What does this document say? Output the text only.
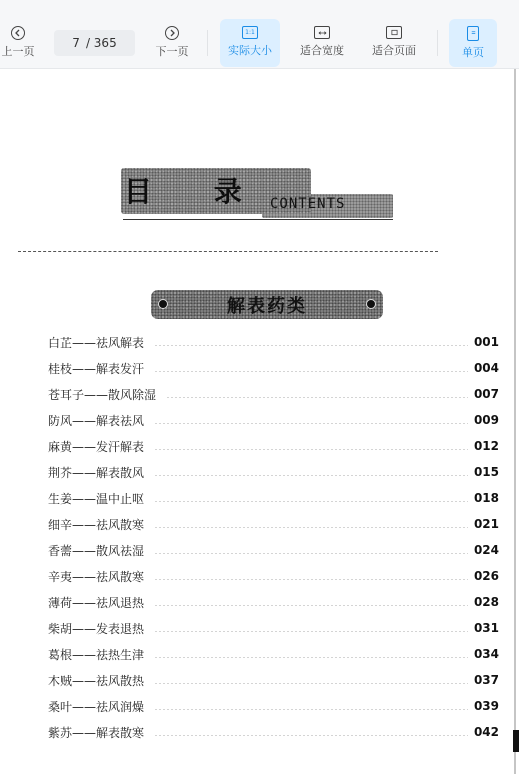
上一页
7 / 365
下一页
1:1
实际大小	适合宽度	适合页面	单页
目 录 CONTENTS
解表药类
白芷——祛风解表	001
桂枝——解表发汗	004
苍耳子——散风除湿	007
防风——解表祛风	009
麻黄——发汗解表	012
荆芥——解表散风	015
生姜——温中止呕	018
细辛——祛风散寒	021
香薷——散风祛湿	024
辛夷——祛风散寒	026
薄荷——祛风退热	028
柴胡——发表退热	031
葛根——祛热生津	034
木贼——祛风散热	037
桑叶——祛风润燥	039
紫苏——解表散寒	042
